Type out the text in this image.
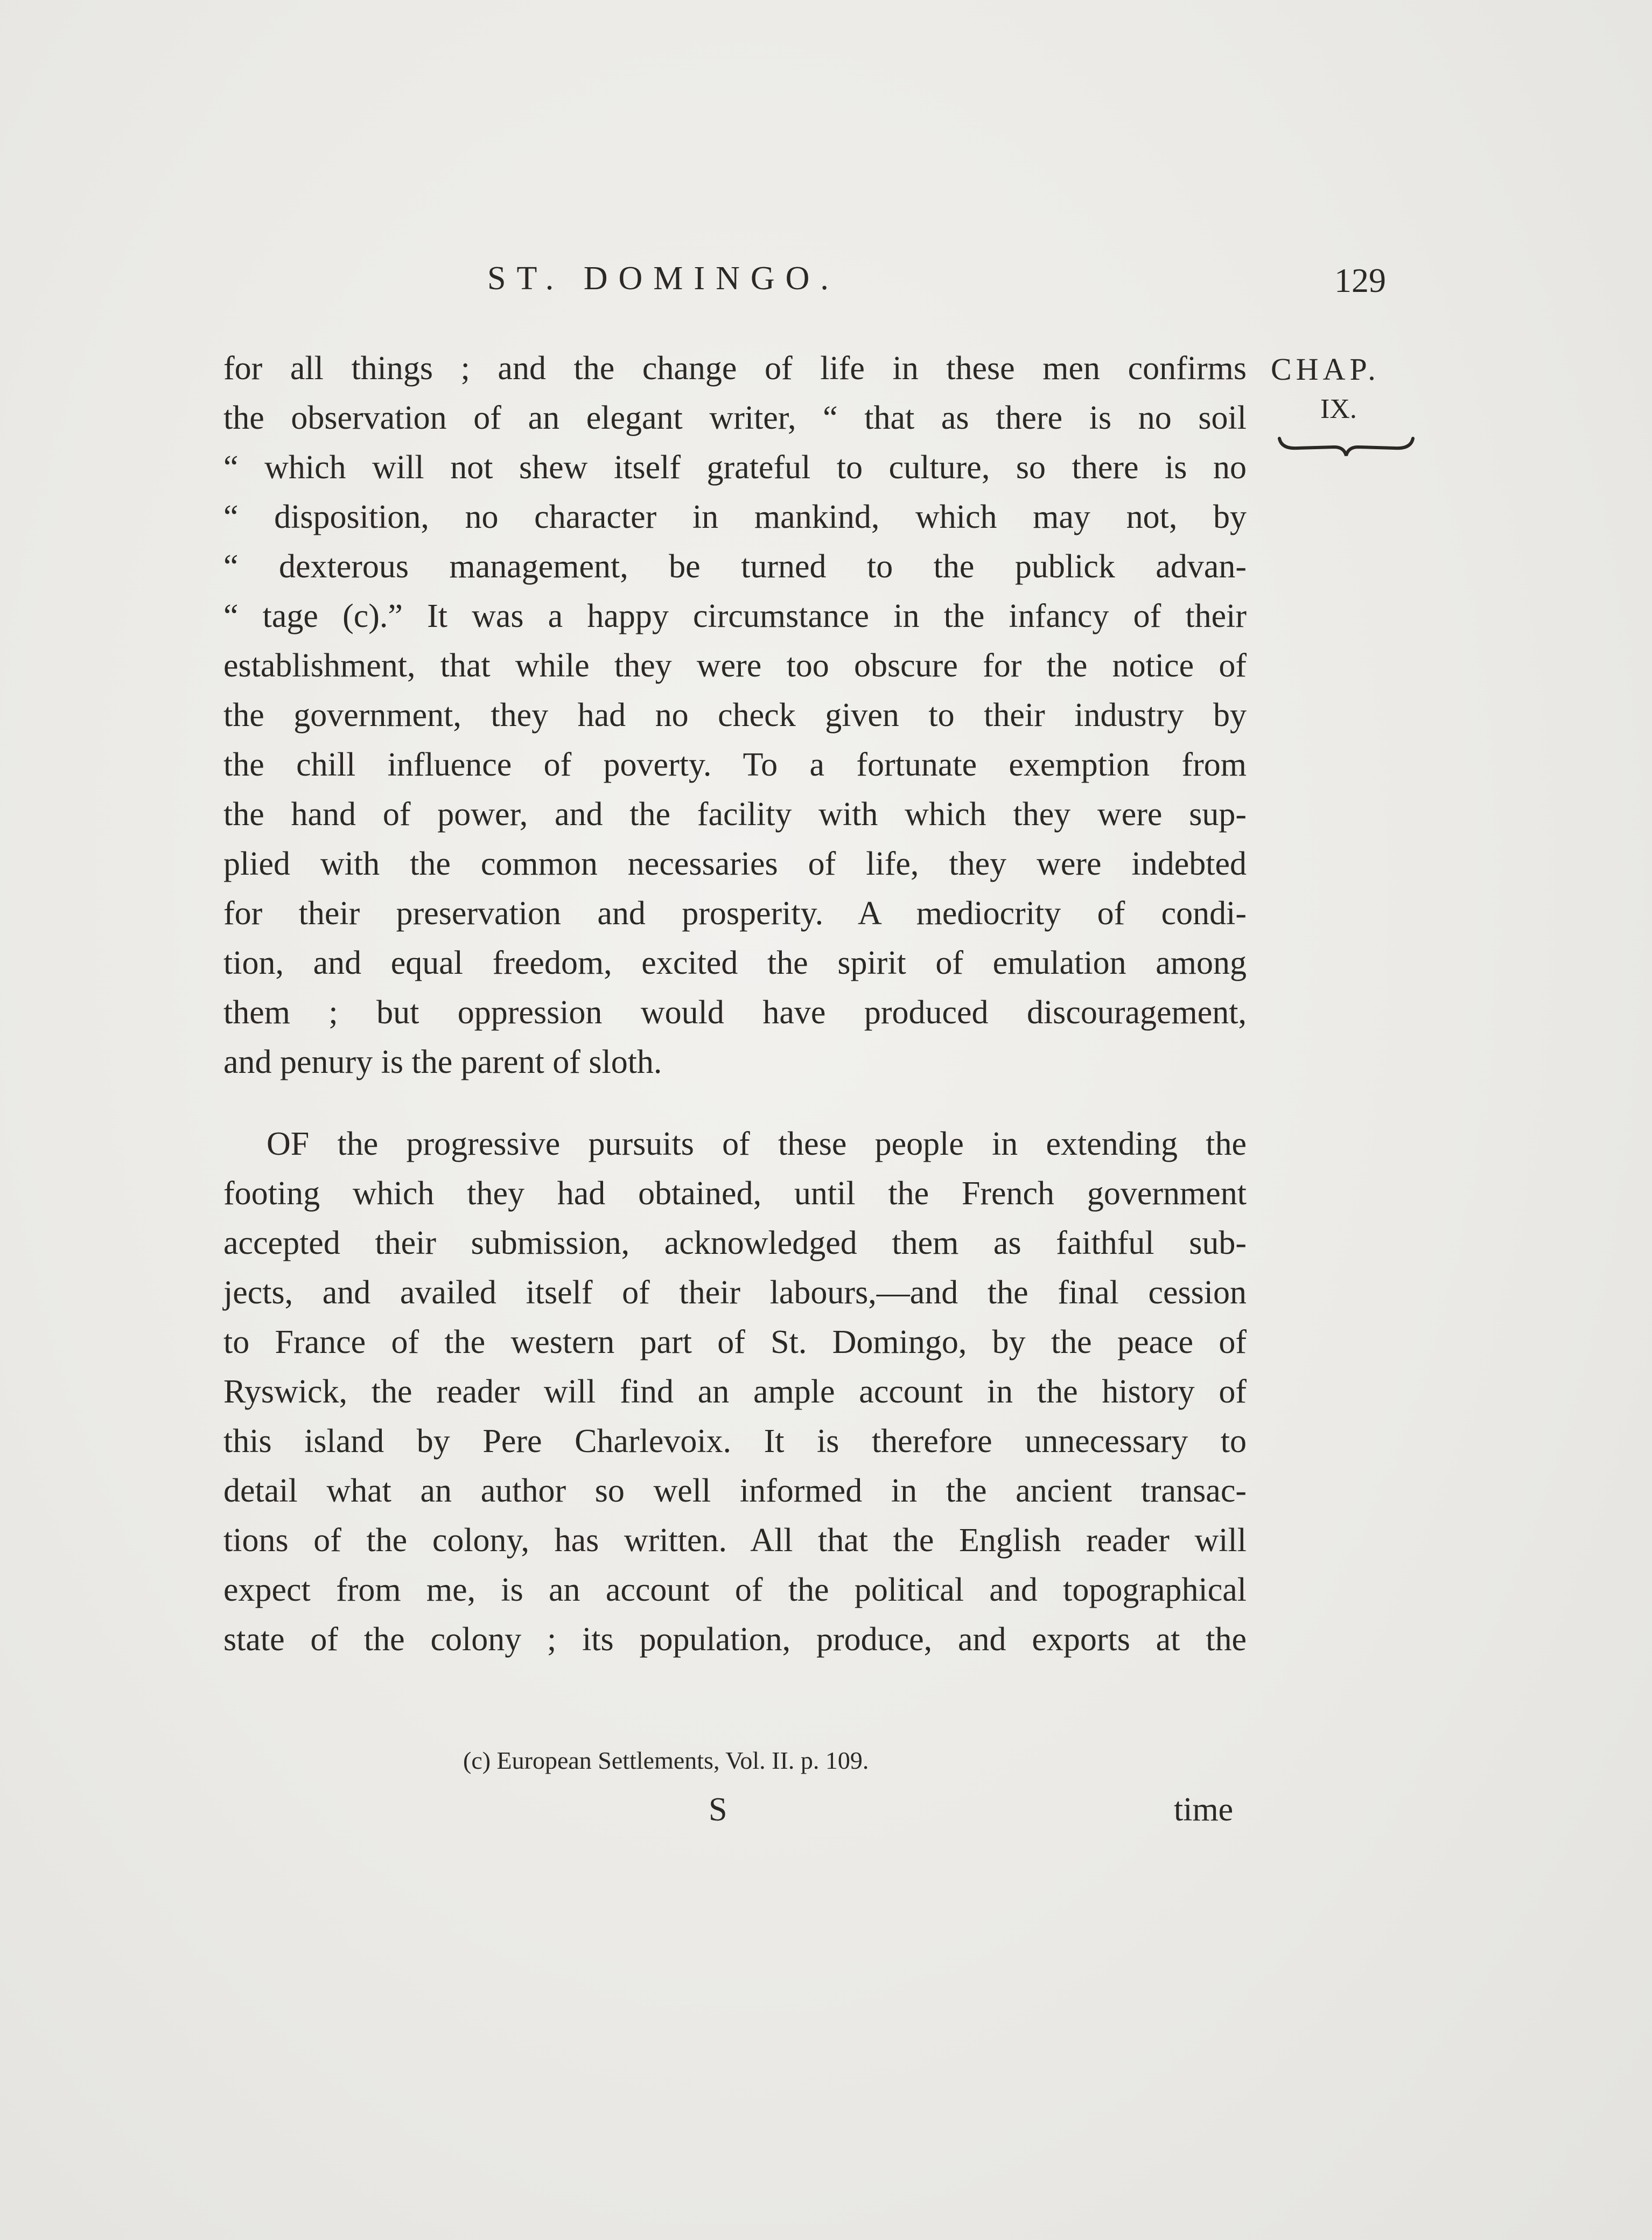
ST. DOMINGO.	129
CHAP.
IX.
for all things ; and the change of life in these men confirms
the observation of an elegant writer, “ that as there is no soil
“ which will not shew itself grateful to culture, so there is no
“ disposition, no character in mankind, which may not, by
“ dexterous management, be turned to the publick advan-
“ tage (c).” It was a happy circumstance in the infancy of their
establishment, that while they were too obscure for the notice of
the government, they had no check given to their industry by
the chill influence of poverty. To a fortunate exemption from
the hand of power, and the facility with which they were sup-
plied with the common necessaries of life, they were indebted
for their preservation and prosperity. A mediocrity of condi-
tion, and equal freedom, excited the spirit of emulation among
them ; but oppression would have produced discouragement,
and penury is the parent of sloth.
OF the progressive pursuits of these people in extending the
footing which they had obtained, until the French government
accepted their submission, acknowledged them as faithful sub-
jects, and availed itself of their labours,—and the final cession
to France of the western part of St. Domingo, by the peace of
Ryswick, the reader will find an ample account in the history of
this island by Pere Charlevoix. It is therefore unnecessary to
detail what an author so well informed in the ancient transac-
tions of the colony, has written. All that the English reader will
expect from me, is an account of the political and topographical
state of the colony ; its population, produce, and exports at the
(c) European Settlements, Vol. II. p. 109.
S	time
